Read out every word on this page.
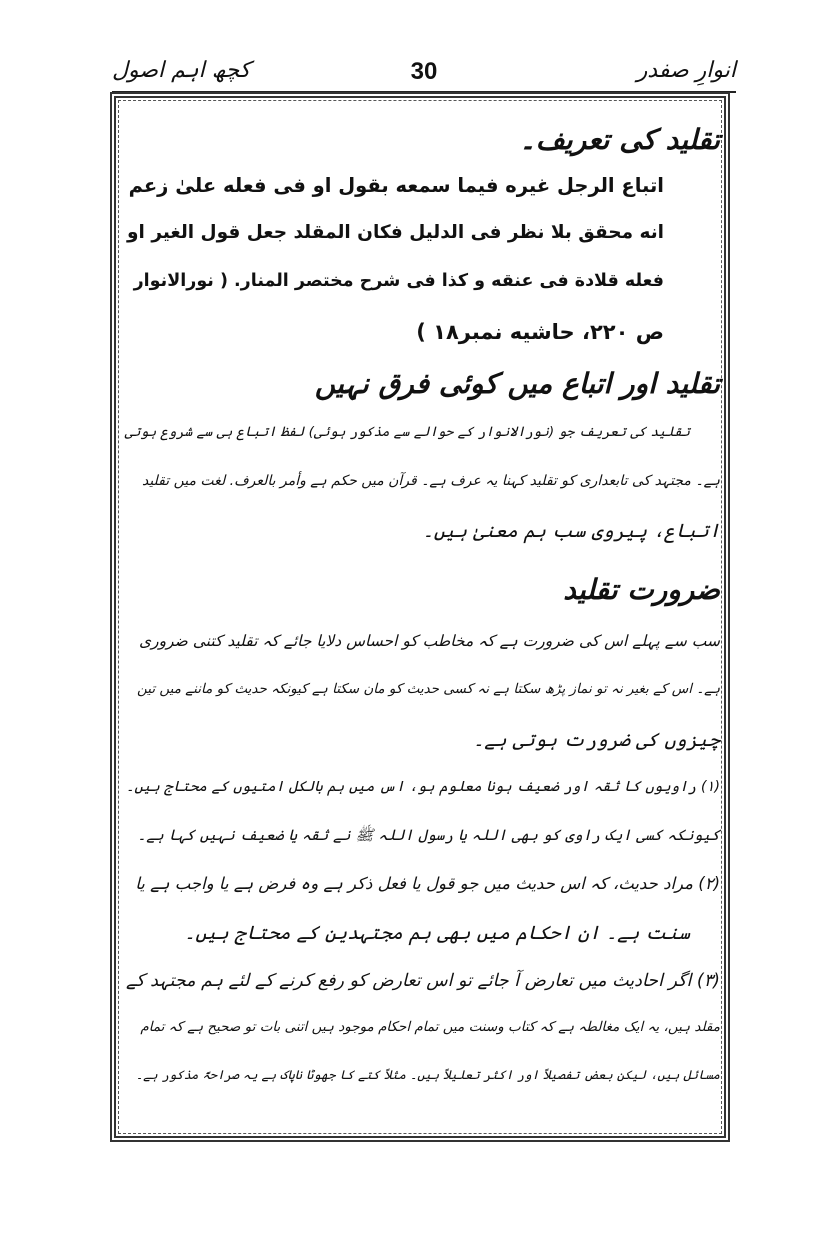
انوارِ صفدر
30
کچھ اہم اصول
تقلید کی تعریف۔
اتباع الرجل غيره فيما سمعه بقول او فى فعله علىٰ زعم
انه محقق بلا نظر فى الدليل فكان المقلد جعل قول الغير او
فعله قلادة فى عنقه و كذا فى شرح مختصر المنار. ( نورالانوار
ص ۲۲۰، حاشيه نمبر۱۸ )
تقلید اور اتباع میں کوئی فرق نہیں
تقلید کی تعریف جو (نورالانوار کے حوالے سے مذکور ہوئی) لفظ اتباع ہی سے شروع ہوتی
ہے۔ مجتہد کی تابعداری کو تقلید کہنا یہ عرف ہے۔ قرآن میں حکم ہے وأمر بالعرف. لغت میں تقلید
اتباع، پیروی سب ہم معنیٰ ہیں۔
ضرورت تقلید
سب سے پہلے اس کی ضرورت ہے کہ مخاطب کو احساس دلایا جائے کہ تقلید کتنی ضروری
ہے۔ اس کے بغیر نہ تو نماز پڑھ سکتا ہے نہ کسی حدیث کو مان سکتا ہے کیونکہ حدیث کو ماننے میں تین
چیزوں کی ضرورت ہوتی ہے۔
(۱) راویوں کا ثقہ اور ضعیف ہونا معلوم ہو، اس میں ہم بالکل امتیوں کے محتاج ہیں۔
کیونکہ کسی ایک راوی کو بھی اللہ یا رسول اللہ ﷺ نے ثقہ یا ضعیف نہیں کہا ہے۔
(۲) مراد حدیث، کہ اس حدیث میں جو قول یا فعل ذکر ہے وہ فرض ہے یا واجب ہے یا
سنت ہے۔ ان احکام میں بھی ہم مجتہدین کے محتاج ہیں۔
(۳) اگر احادیث میں تعارض آ جائے تو اس تعارض کو رفع کرنے کے لئے ہم مجتہد کے
مقلد ہیں، یہ ایک مغالطہ ہے کہ کتاب وسنت میں تمام احکام موجود ہیں اتنی بات تو صحیح ہے کہ تمام
مسائل ہیں، لیکن بعض تفصیلاً اور اکثر تعلیلاً ہیں۔ مثلاً کتے کا جھوٹا ناپاک ہے یہ صراحۃً مذکور ہے۔
